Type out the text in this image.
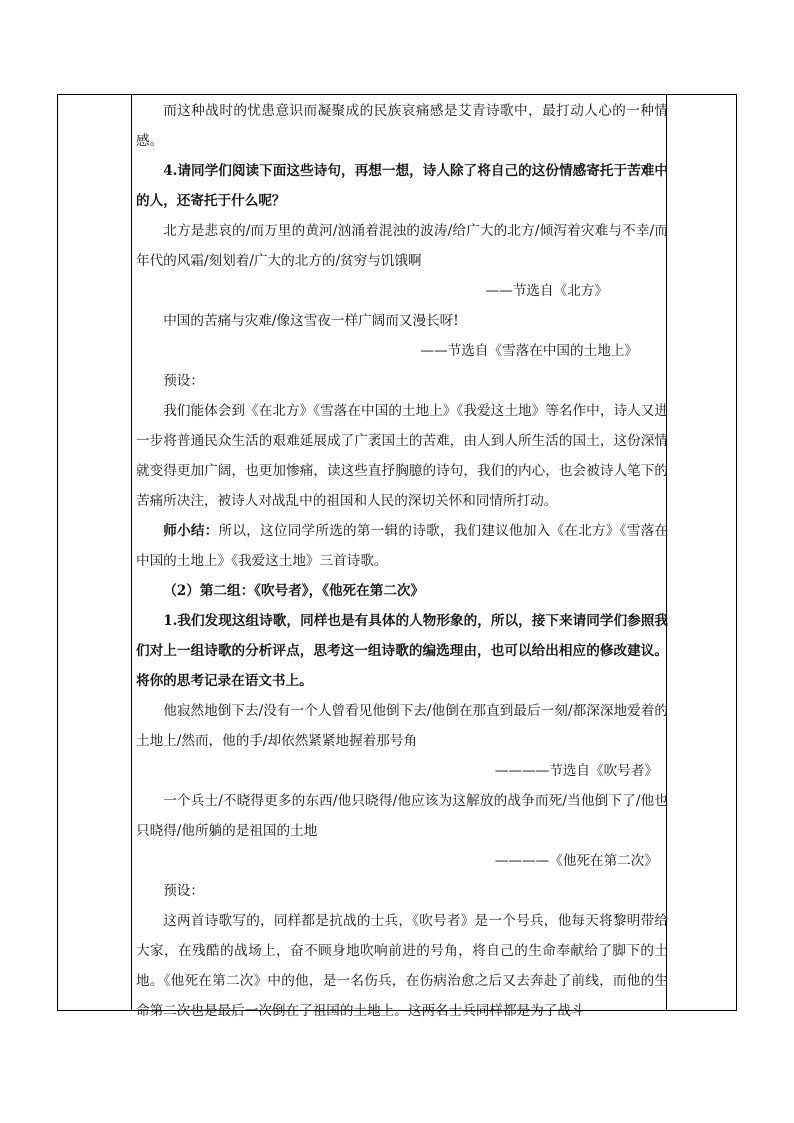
而这种战时的忧患意识而凝聚成的民族哀痛感是艾青诗歌中，最打动人心的一种情感。

4.请同学们阅读下面这些诗句，再想一想，诗人除了将自己的这份情感寄托于苦难中的人，还寄托于什么呢？

北方是悲哀的/而万里的黄河/汹涌着混浊的波涛/给广大的北方/倾泻着灾难与不幸/而年代的风霜/刻划着/广大的北方的/贫穷与饥饿啊

——节选自《北方》

中国的苦痛与灾难/像这雪夜一样广阔而又漫长呀!

——节选自《雪落在中国的土地上》

预设：

我们能体会到《在北方》《雪落在中国的土地上》《我爱这土地》等名作中，诗人又进一步将普通民众生活的艰难延展成了广袤国土的苦难，由人到人所生活的国土，这份深情就变得更加广阔，也更加惨痛，读这些直抒胸臆的诗句，我们的内心，也会被诗人笔下的苦痛所决注，被诗人对战乱中的祖国和人民的深切关怀和同情所打动。

师小结：所以，这位同学所选的第一辑的诗歌，我们建议他加入《在北方》《雪落在中国的土地上》《我爱这土地》三首诗歌。

（2）第二组：《吹号者》，《他死在第二次》

1.我们发现这组诗歌，同样也是有具体的人物形象的，所以，接下来请同学们参照我们对上一组诗歌的分析评点，思考这一组诗歌的编选理由，也可以给出相应的修改建议。将你的思考记录在语文书上。

他寂然地倒下去/没有一个人曾看见他倒下去/他倒在那直到最后一刻/都深深地爱着的土地上/然而，他的手/却依然紧紧地握着那号角

————节选自《吹号者》

一个兵士/不晓得更多的东西/他只晓得/他应该为这解放的战争而死/当他倒下了/他也只晓得/他所躺的是祖国的土地

————《他死在第二次》

预设：

这两首诗歌写的，同样都是抗战的士兵，《吹号者》是一个号兵，他每天将黎明带给大家，在残酷的战场上，奋不顾身地吹响前进的号角，将自己的生命奉献给了脚下的土地。《他死在第二次》中的他，是一名伤兵，在伤病治愈之后又去奔赴了前线，而他的生命第二次也是最后一次倒在了祖国的土地上。这两名士兵同样都是为了战斗
